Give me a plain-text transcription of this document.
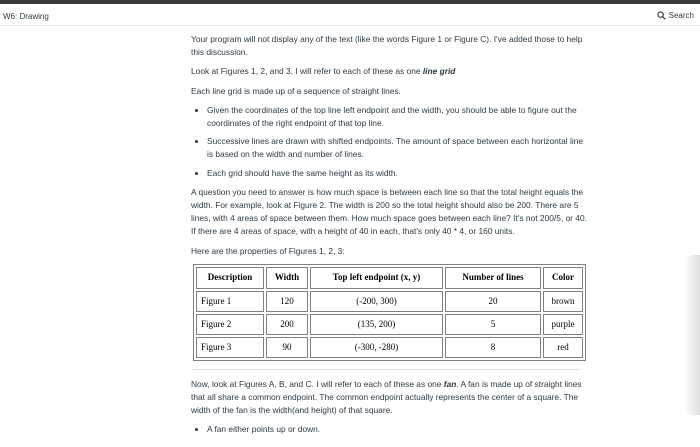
W6: Drawing	Search

Your program will not display any of the text (like the words Figure 1 or Figure C). I've added those to help this discussion.

Look at Figures 1, 2, and 3. I will refer to each of these as one line grid

Each line grid is made up of a sequence of straight lines.

• Given the coordinates of the top line left endpoint and the width, you should be able to figure out the coordinates of the right endpoint of that top line.
• Successive lines are drawn with shifted endpoints. The amount of space between each horizontal line is based on the width and number of lines.
• Each grid should have the same height as its width.

A question you need to answer is how much space is between each line so that the total height equals the width. For example, look at Figure 2. The width is 200 so the total height should also be 200. There are 5 lines, with 4 areas of space between them. How much space goes between each line? It's not 200/5, or 40. If there are 4 areas of space, with a height of 40 in each, that's only 40 * 4, or 160 units.

Here are the properties of Figures 1, 2, 3:

Description	Width	Top left endpoint (x, y)	Number of lines	Color
Figure 1	120	(-200, 300)	20	brown
Figure 2	200	(135, 200)	5	purple
Figure 3	90	(-300, -280)	8	red

Now, look at Figures A, B, and C. I will refer to each of these as one fan. A fan is made up of straight lines that all share a common endpoint. The common endpoint actually represents the center of a square. The width of the fan is the width(and height) of that square.

• A fan either points up or down.
